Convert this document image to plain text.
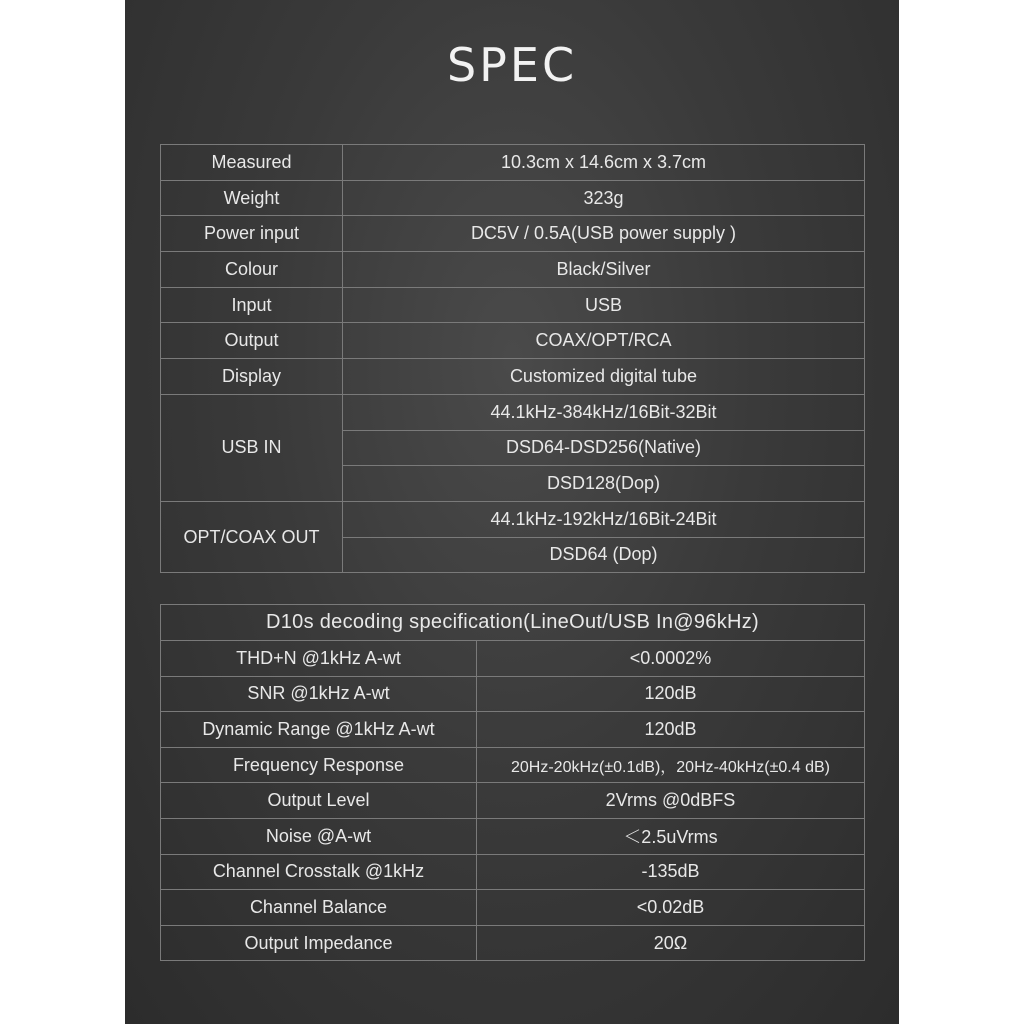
SPEC
Measured	10.3cm x 14.6cm x 3.7cm
Weight	323g
Power input	DC5V / 0.5A(USB power supply )
Colour	Black/Silver
Input	USB
Output	COAX/OPT/RCA
Display	Customized digital tube
USB IN	44.1kHz-384kHz/16Bit-32Bit
	DSD64-DSD256(Native)
	DSD128(Dop)
OPT/COAX OUT	44.1kHz-192kHz/16Bit-24Bit
	DSD64 (Dop)
D10s decoding specification(LineOut/USB In@96kHz)	
THD+N @1kHz A-wt	<0.0002%
SNR @1kHz A-wt	120dB
Dynamic Range @1kHz A-wt	120dB
Frequency Response	20Hz-20kHz(±0.1dB)，20Hz-40kHz(±0.4 dB)
Output Level	2Vrms @0dBFS
Noise @A-wt	＜2.5uVrms
Channel Crosstalk @1kHz	-135dB
Channel Balance	<0.02dB
Output Impedance	20Ω
